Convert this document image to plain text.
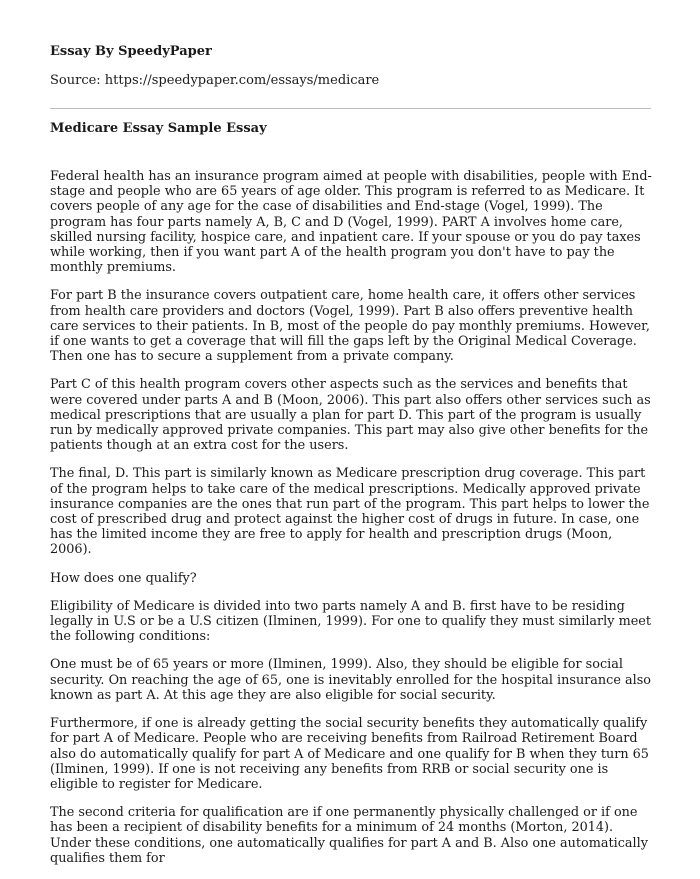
Essay By SpeedyPaper
Source: https://speedypaper.com/essays/medicare
Medicare Essay Sample Essay

Federal health has an insurance program aimed at people with disabilities, people with End-stage and people who are 65 years of age older. This program is referred to as Medicare. It covers people of any age for the case of disabilities and End-stage (Vogel, 1999). The program has four parts namely A, B, C and D (Vogel, 1999). PART A involves home care, skilled nursing facility, hospice care, and inpatient care. If your spouse or you do pay taxes while working, then if you want part A of the health program you don't have to pay the monthly premiums.

For part B the insurance covers outpatient care, home health care, it offers other services from health care providers and doctors (Vogel, 1999). Part B also offers preventive health care services to their patients. In B, most of the people do pay monthly premiums. However, if one wants to get a coverage that will fill the gaps left by the Original Medical Coverage. Then one has to secure a supplement from a private company.

Part C of this health program covers other aspects such as the services and benefits that were covered under parts A and B (Moon, 2006). This part also offers other services such as medical prescriptions that are usually a plan for part D. This part of the program is usually run by medically approved private companies. This part may also give other benefits for the patients though at an extra cost for the users.

The final, D. This part is similarly known as Medicare prescription drug coverage. This part of the program helps to take care of the medical prescriptions. Medically approved private insurance companies are the ones that run part of the program. This part helps to lower the cost of prescribed drug and protect against the higher cost of drugs in future. In case, one has the limited income they are free to apply for health and prescription drugs (Moon, 2006).

How does one qualify?

Eligibility of Medicare is divided into two parts namely A and B. first have to be residing legally in U.S or be a U.S citizen (Ilminen, 1999). For one to qualify they must similarly meet the following conditions:

One must be of 65 years or more (Ilminen, 1999). Also, they should be eligible for social security. On reaching the age of 65, one is inevitably enrolled for the hospital insurance also known as part A. At this age they are also eligible for social security.

Furthermore, if one is already getting the social security benefits they automatically qualify for part A of Medicare. People who are receiving benefits from Railroad Retirement Board also do automatically qualify for part A of Medicare and one qualify for B when they turn 65 (Ilminen, 1999). If one is not receiving any benefits from RRB or social security one is eligible to register for Medicare.

The second criteria for qualification are if one permanently physically challenged or if one has been a recipient of disability benefits for a minimum of 24 months (Morton, 2014). Under these conditions, one automatically qualifies for part A and B. Also one automatically qualifies them for
